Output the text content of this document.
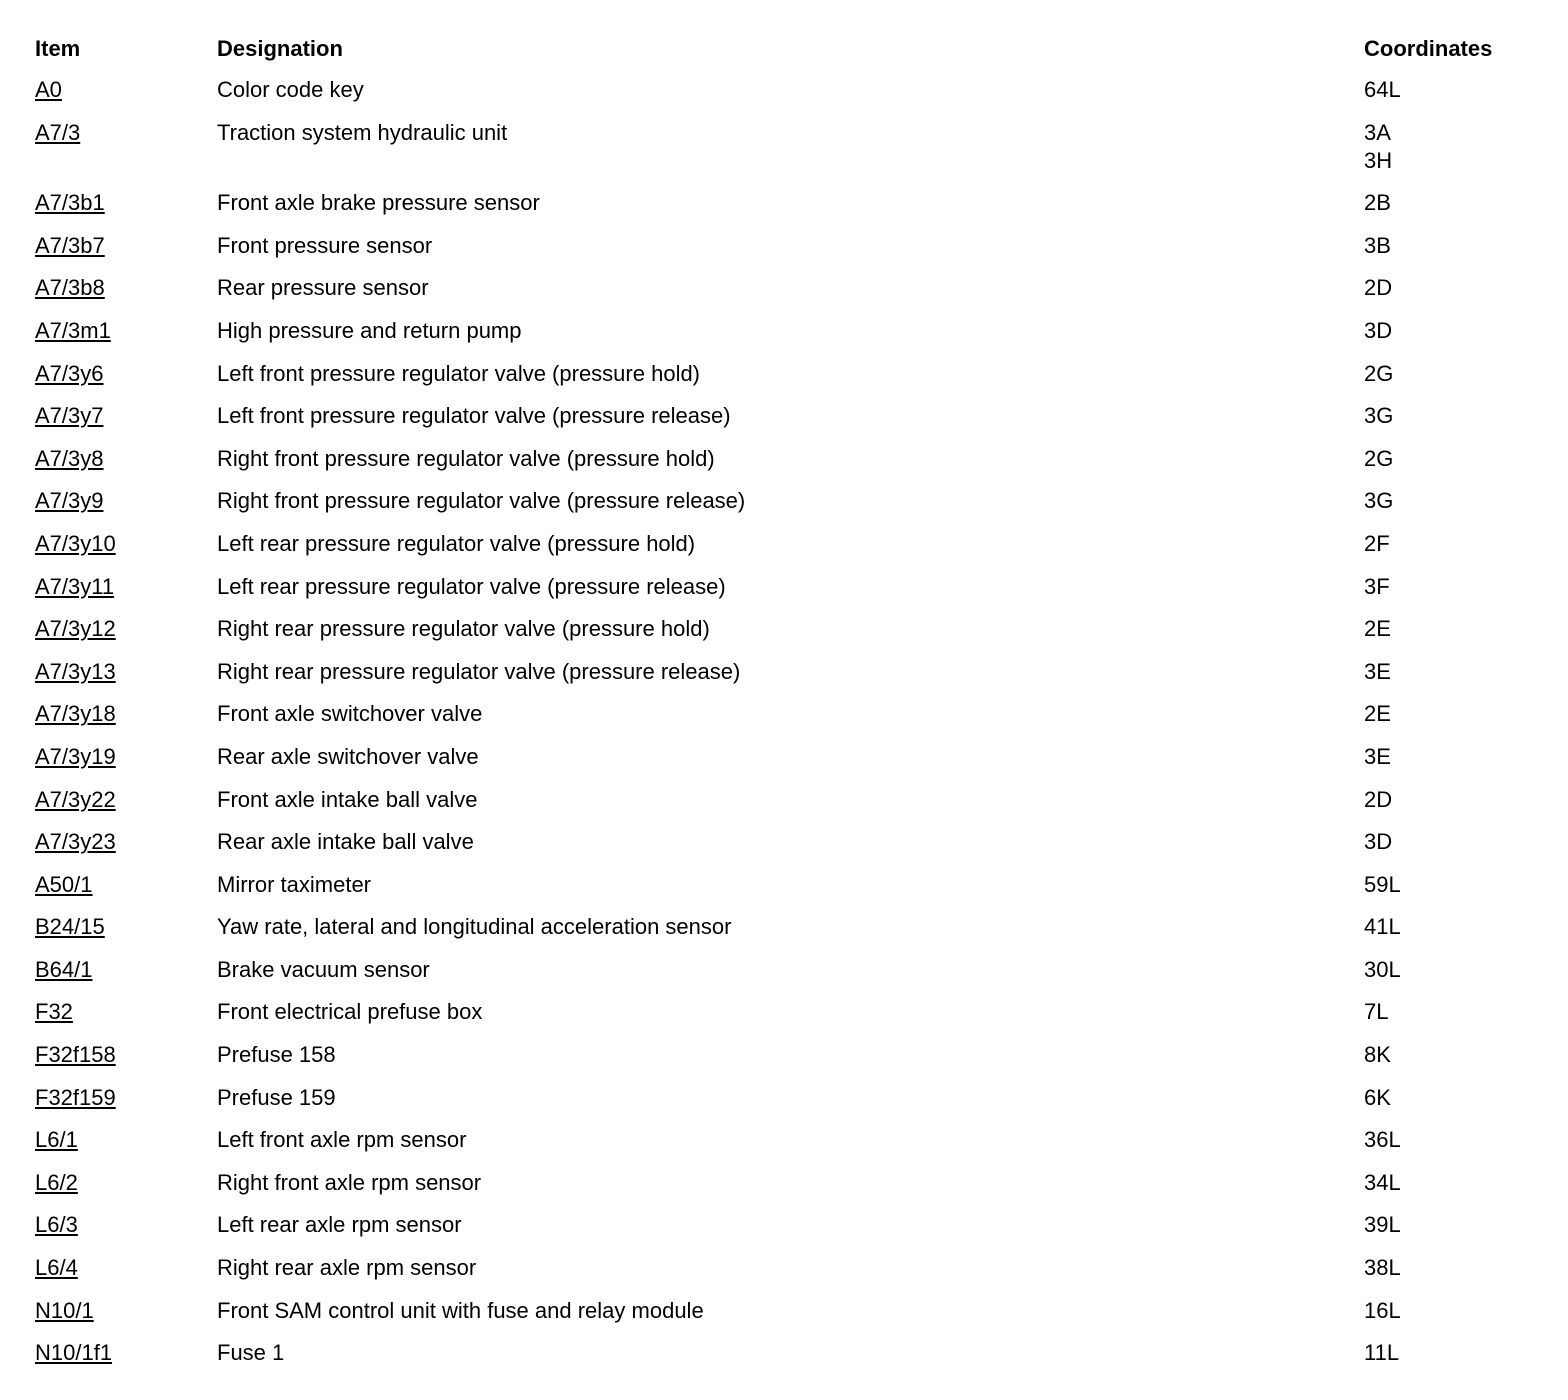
Item	Designation	Coordinates
A0	Color code key	64L
A7/3	Traction system hydraulic unit	3A
3H
A7/3b1	Front axle brake pressure sensor	2B
A7/3b7	Front pressure sensor	3B
A7/3b8	Rear pressure sensor	2D
A7/3m1	High pressure and return pump	3D
A7/3y6	Left front pressure regulator valve (pressure hold)	2G
A7/3y7	Left front pressure regulator valve (pressure release)	3G
A7/3y8	Right front pressure regulator valve (pressure hold)	2G
A7/3y9	Right front pressure regulator valve (pressure release)	3G
A7/3y10	Left rear pressure regulator valve (pressure hold)	2F
A7/3y11	Left rear pressure regulator valve (pressure release)	3F
A7/3y12	Right rear pressure regulator valve (pressure hold)	2E
A7/3y13	Right rear pressure regulator valve (pressure release)	3E
A7/3y18	Front axle switchover valve	2E
A7/3y19	Rear axle switchover valve	3E
A7/3y22	Front axle intake ball valve	2D
A7/3y23	Rear axle intake ball valve	3D
A50/1	Mirror taximeter	59L
B24/15	Yaw rate, lateral and longitudinal acceleration sensor	41L
B64/1	Brake vacuum sensor	30L
F32	Front electrical prefuse box	7L
F32f158	Prefuse 158	8K
F32f159	Prefuse 159	6K
L6/1	Left front axle rpm sensor	36L
L6/2	Right front axle rpm sensor	34L
L6/3	Left rear axle rpm sensor	39L
L6/4	Right rear axle rpm sensor	38L
N10/1	Front SAM control unit with fuse and relay module	16L
N10/1f1	Fuse 1	11L
